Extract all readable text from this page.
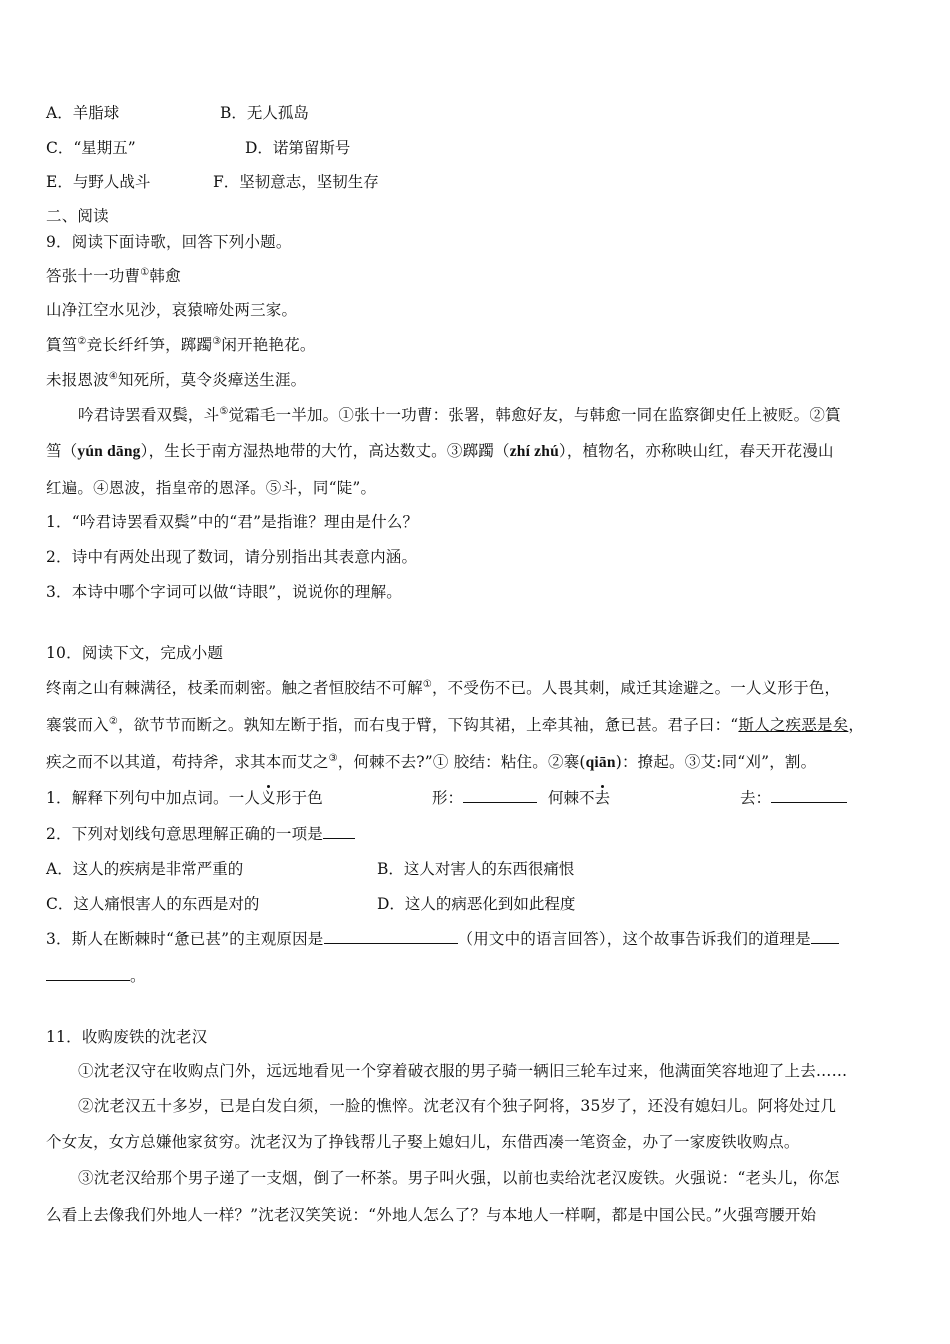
A．羊脂球	B．无人孤岛
C．“星期五”	D．诺第留斯号
E．与野人战斗	F．坚韧意志，坚韧生存
二、阅读
9．阅读下面诗歌，回答下列小题。
答张十一功曹①韩愈
山净江空水见沙，哀猿啼处两三家。
篔筜②竞长纤纤笋，踯躅③闲开艳艳花。
未报恩波④知死所，莫令炎瘴送生涯。
吟君诗罢看双鬓，斗⑤觉霜毛一半加。①张十一功曹：张署，韩愈好友，与韩愈一同在监察御史任上被贬。②篔
筜（yún dāng），生长于南方湿热地带的大竹，高达数丈。③踯躅（zhí zhú），植物名，亦称映山红，春天开花漫山
红遍。④恩波，指皇帝的恩泽。⑤斗，同“陡”。
1．“吟君诗罢看双鬓”中的“君”是指谁？理由是什么？
2．诗中有两处出现了数词，请分别指出其表意内涵。
3．本诗中哪个字词可以做“诗眼”，说说你的理解。
10．阅读下文，完成小题
终南之山有棘满径，枝柔而刺密。触之者恒胶结不可解①，不受伤不已。人畏其刺，咸迁其途避之。一人义形于色，
褰裳而入②，欲节节而断之。孰知左断于指，而右曳于臂，下钩其裙，上牵其袖，惫已甚。君子曰：“斯人之疾恶是矣，
疾之而不以其道，苟持斧，求其本而艾之③，何棘不去?”① 胶结：粘住。②褰(qiān)：撩起。③艾:同“刈”，割。
1．解释下列句中加点词。一人义形于色	形：	何棘不去	去：
2．下列对划线句意思理解正确的一项是
A．这人的疾病是非常严重的	B．这人对害人的东西很痛恨
C．这人痛恨害人的东西是对的	D．这人的病恶化到如此程度
3．斯人在断棘时“惫已甚”的主观原因是	（用文中的语言回答），这个故事告诉我们的道理是
。
11．收购废铁的沈老汉
①沈老汉守在收购点门外，远远地看见一个穿着破衣服的男子骑一辆旧三轮车过来，他满面笑容地迎了上去……
②沈老汉五十多岁，已是白发白须，一脸的憔悴。沈老汉有个独子阿将，35岁了，还没有媳妇儿。阿将处过几
个女友，女方总嫌他家贫穷。沈老汉为了挣钱帮儿子娶上媳妇儿，东借西凑一笔资金，办了一家废铁收购点。
③沈老汉给那个男子递了一支烟，倒了一杯茶。男子叫火强，以前也卖给沈老汉废铁。火强说：“老头儿，你怎
么看上去像我们外地人一样？”沈老汉笑笑说：“外地人怎么了？与本地人一样啊，都是中国公民。”火强弯腰开始
